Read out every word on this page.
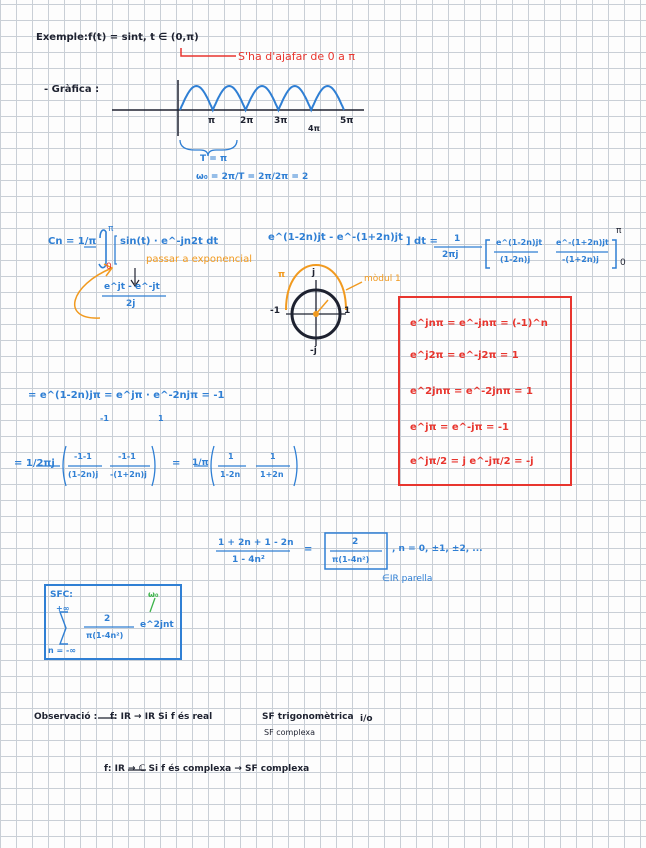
Exemple: f(t) = sint, t ∈ (0,π)
S'ha d'ajafar de 0 a π
- Gràfica :
π	2π 3π
4π
5π
T = π
ω₀ = 2π/T = 2π/2π = 2
Cn = 1/π
π
0
sin(t) · e^-jn2t dt	e^(1-2n)jt - e^-(1+2n)jt ] dt = 1
2πj
e^(1-2n)jt
(1-2n)j
e^-(1+2n)jt
-(1+2n)j
π
0
e^jt - e^-jt
2j
passar a exponencial
j
-j
1
-1
π	mòdul 1
e^jnπ = e^-jnπ = (-1)^n
e^j2π = e^-j2π = 1
e^2jnπ = e^-2jnπ = 1
e^jπ = e^-jπ = -1
e^jπ/2 = j e^-jπ/2 = -j
= e^(1-2n)jπ = e^jπ · e^-2njπ = -1
-1	1
= 1/2πj
-1-1
(1-2n)j
-1-1
-(1+2n)j
= 1/π
1
1-2n
1
1+2n
1 + 2n + 1 - 2n
1 - 4n²
=
2
π(1-4n²)
, n = 0, ±1, ±2, ...
∈IR parella
SFC:
+∞
n = -∞
2
π(1-4n²)
e^2jnt
ω₀
Observació : f: IR → IR Si f és real	SF trigonomètrica
SF complexa
i/o
f: IR → ℂ Si f és complexa → SF complexa
